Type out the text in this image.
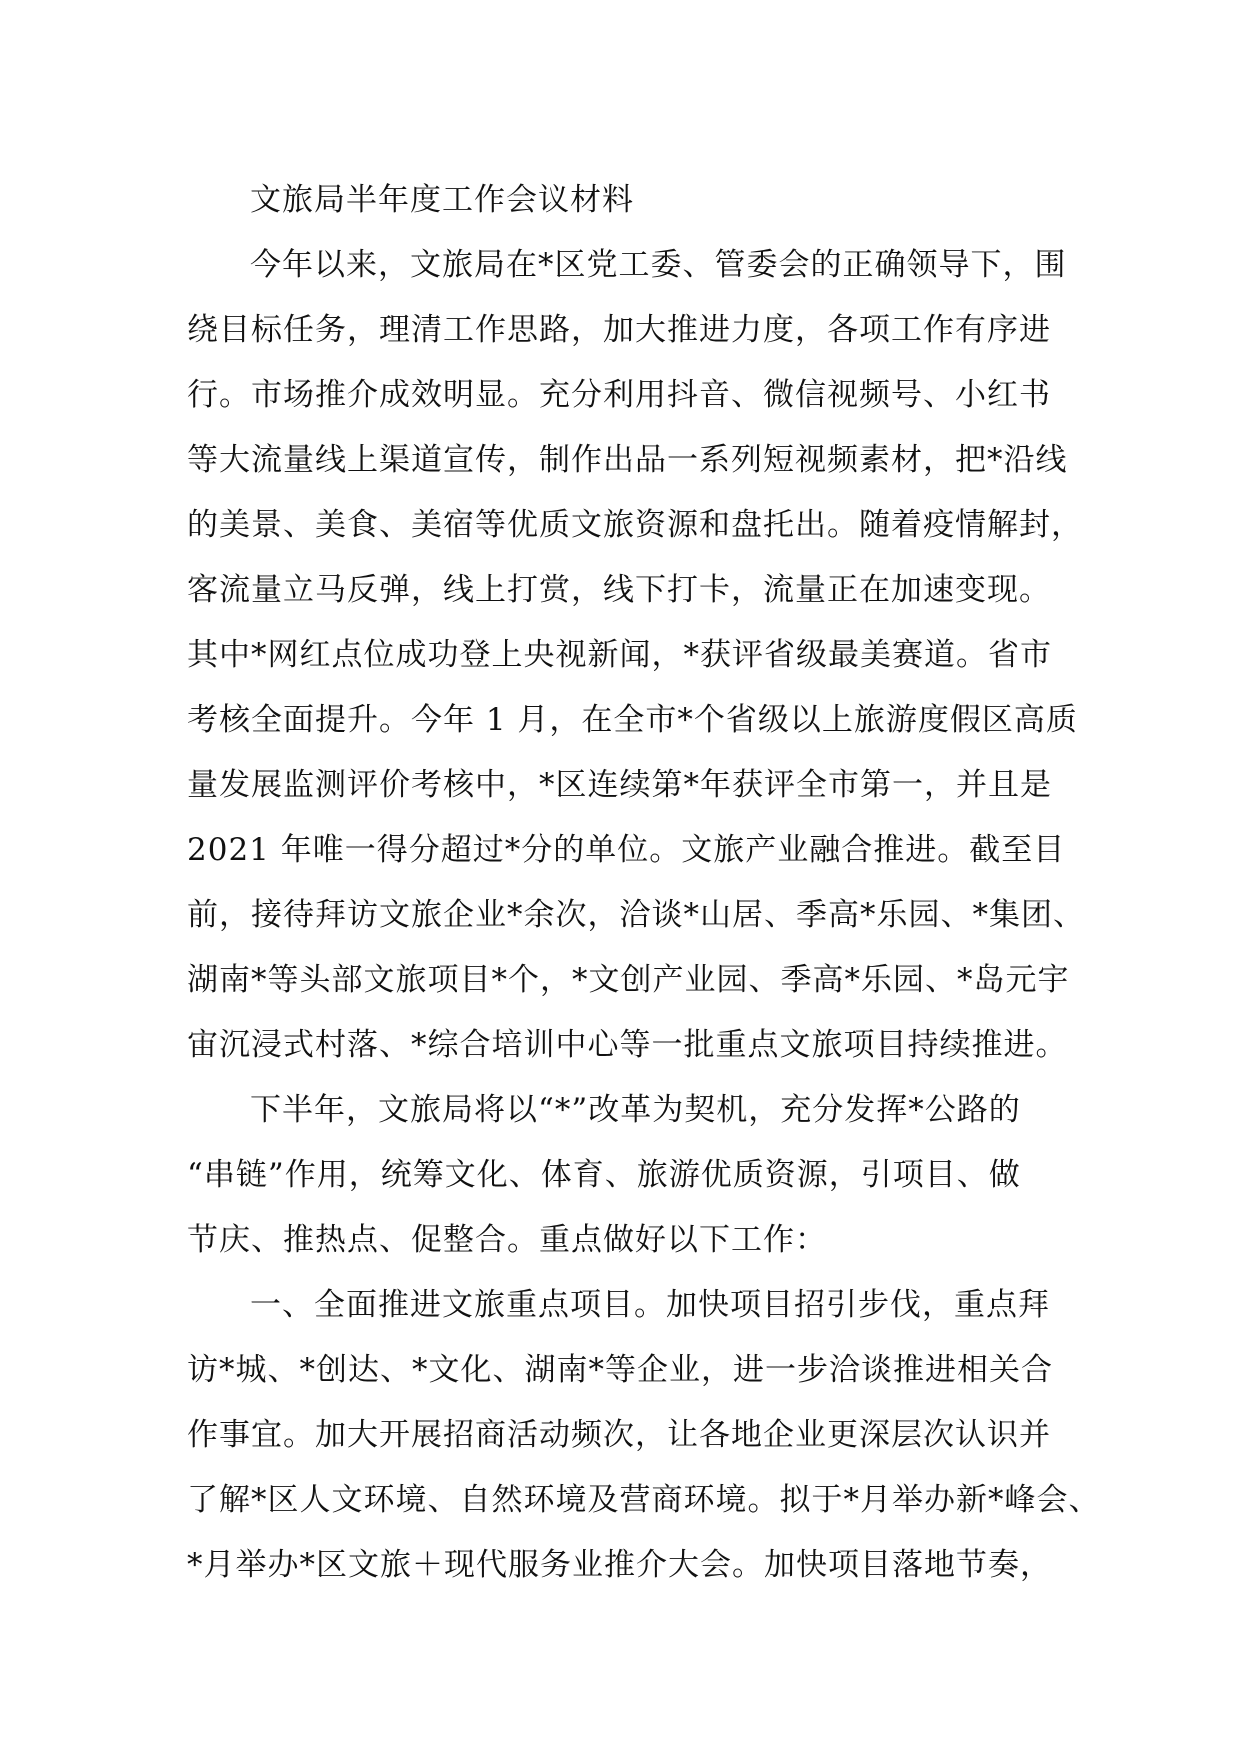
文旅局半年度工作会议材料
今年以来，文旅局在*区党工委、管委会的正确领导下，围
绕目标任务，理清工作思路，加大推进力度，各项工作有序进
行。市场推介成效明显。充分利用抖音、微信视频号、小红书
等大流量线上渠道宣传，制作出品一系列短视频素材，把*沿线
的美景、美食、美宿等优质文旅资源和盘托出。随着疫情解封，
客流量立马反弹，线上打赏，线下打卡，流量正在加速变现。
其中*网红点位成功登上央视新闻，*获评省级最美赛道。省市
考核全面提升。今年 1 月，在全市*个省级以上旅游度假区高质
量发展监测评价考核中，*区连续第*年获评全市第一，并且是
2021 年唯一得分超过*分的单位。文旅产业融合推进。截至目
前，接待拜访文旅企业*余次，洽谈*山居、季高*乐园、*集团、
湖南*等头部文旅项目*个，*文创产业园、季高*乐园、*岛元宇
宙沉浸式村落、*综合培训中心等一批重点文旅项目持续推进。
下半年，文旅局将以“*”改革为契机，充分发挥*公路的
“串链”作用，统筹文化、体育、旅游优质资源，引项目、做
节庆、推热点、促整合。重点做好以下工作：
一、全面推进文旅重点项目。加快项目招引步伐，重点拜
访*城、*创达、*文化、湖南*等企业，进一步洽谈推进相关合
作事宜。加大开展招商活动频次，让各地企业更深层次认识并
了解*区人文环境、自然环境及营商环境。拟于*月举办新*峰会、
*月举办*区文旅＋现代服务业推介大会。加快项目落地节奏，
